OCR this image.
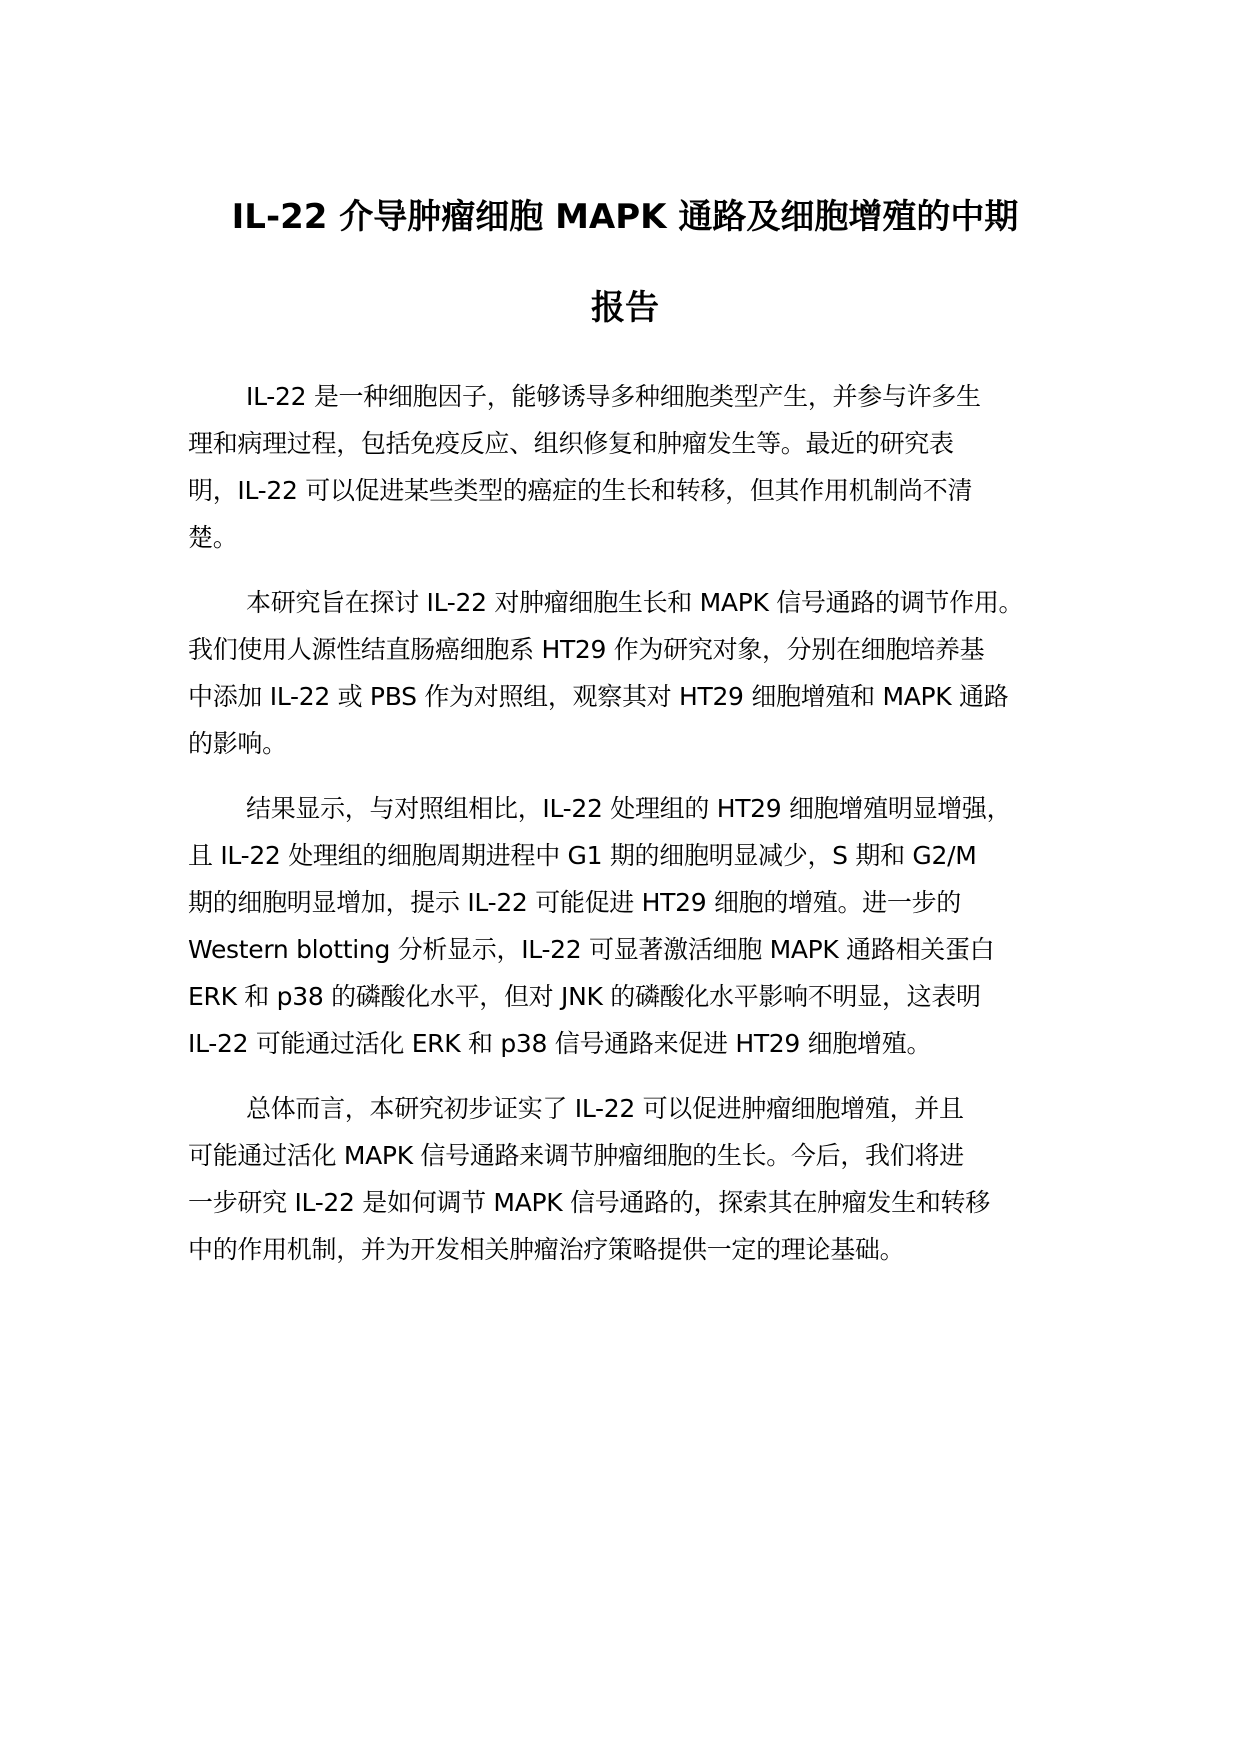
IL-22 介导肿瘤细胞 MAPK 通路及细胞增殖的中期
报告

IL-22 是一种细胞因子，能够诱导多种细胞类型产生，并参与许多生
理和病理过程，包括免疫反应、组织修复和肿瘤发生等。最近的研究表
明，IL-22 可以促进某些类型的癌症的生长和转移，但其作用机制尚不清
楚。

本研究旨在探讨 IL-22 对肿瘤细胞生长和 MAPK 信号通路的调节作用。
我们使用人源性结直肠癌细胞系 HT29 作为研究对象，分别在细胞培养基
中添加 IL-22 或 PBS 作为对照组，观察其对 HT29 细胞增殖和 MAPK 通路
的影响。

结果显示，与对照组相比，IL-22 处理组的 HT29 细胞增殖明显增强，
且 IL-22 处理组的细胞周期进程中 G1 期的细胞明显减少，S 期和 G2/M
期的细胞明显增加，提示 IL-22 可能促进 HT29 细胞的增殖。进一步的
Western blotting 分析显示，IL-22 可显著激活细胞 MAPK 通路相关蛋白
ERK 和 p38 的磷酸化水平，但对 JNK 的磷酸化水平影响不明显，这表明
IL-22 可能通过活化 ERK 和 p38 信号通路来促进 HT29 细胞增殖。

总体而言，本研究初步证实了 IL-22 可以促进肿瘤细胞增殖，并且
可能通过活化 MAPK 信号通路来调节肿瘤细胞的生长。今后，我们将进
一步研究 IL-22 是如何调节 MAPK 信号通路的，探索其在肿瘤发生和转移
中的作用机制，并为开发相关肿瘤治疗策略提供一定的理论基础。
